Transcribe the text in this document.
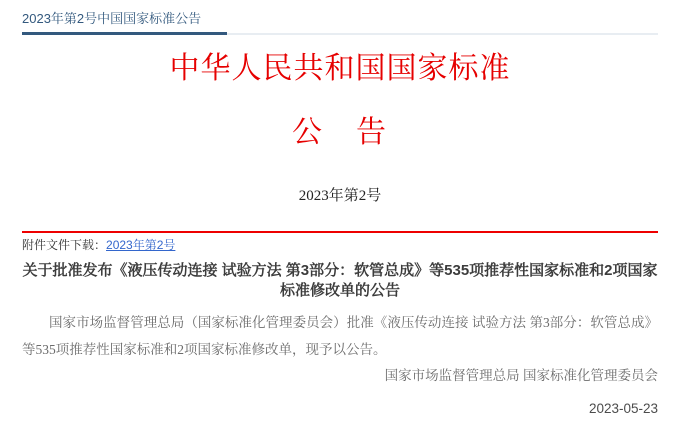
2023年第2号中国国家标准公告
中华人民共和国国家标准
公　告
2023年第2号
附件文件下载：2023年第2号
关于批准发布《液压传动连接 试验方法 第3部分：软管总成》等535项推荐性国家标准和2项国家标准修改单的公告

国家市场监督管理总局（国家标准化管理委员会）批准《液压传动连接 试验方法 第3部分：软管总成》等535项推荐性国家标准和2项国家标准修改单，现予以公告。

国家市场监督管理总局 国家标准化管理委员会
2023-05-23
